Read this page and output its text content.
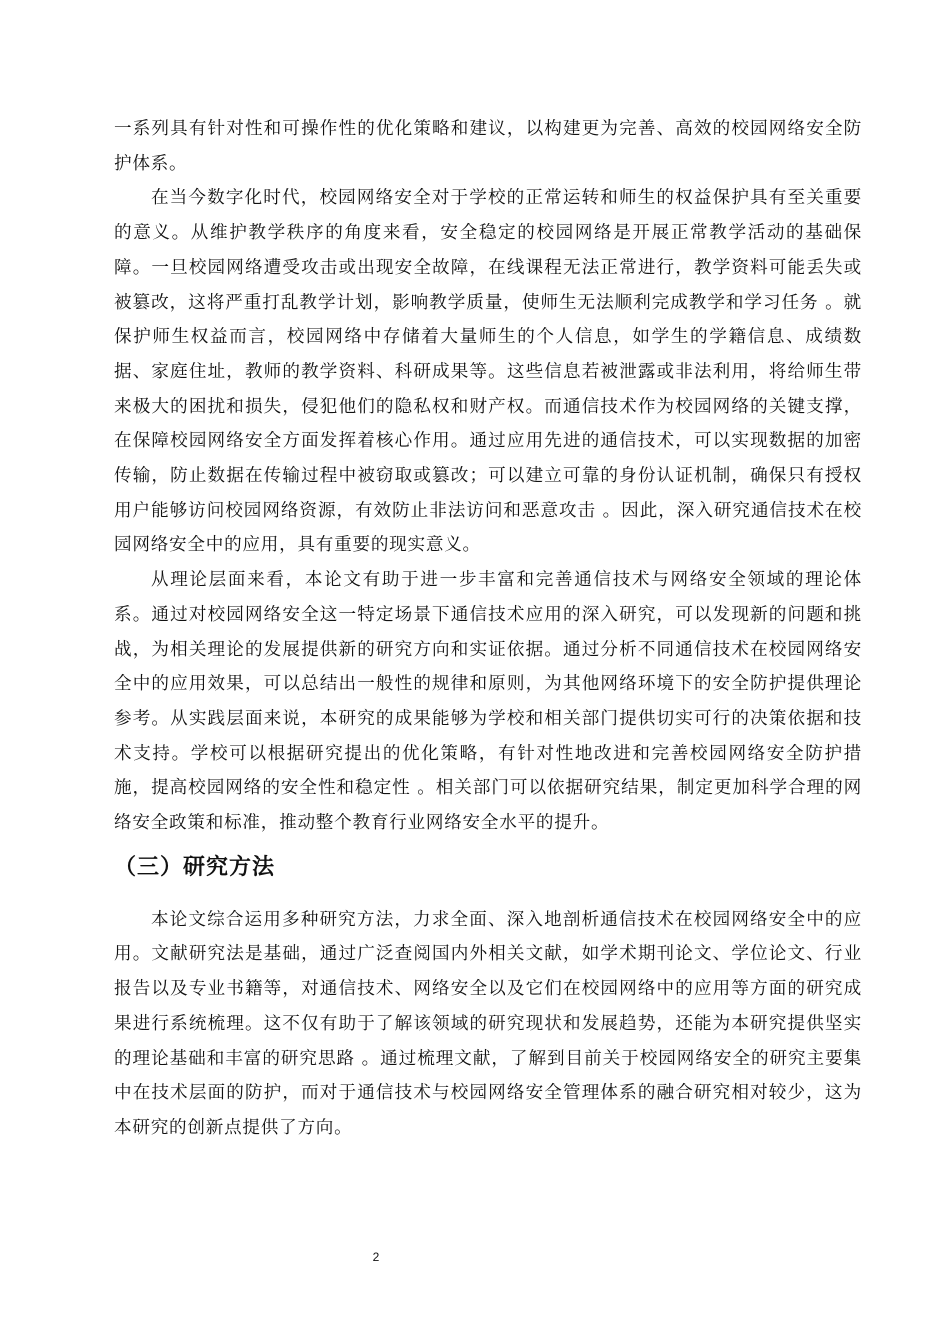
一系列具有针对性和可操作性的优化策略和建议，以构建更为完善、高效的校园网络安全防护体系。

在当今数字化时代，校园网络安全对于学校的正常运转和师生的权益保护具有至关重要的意义。从维护教学秩序的角度来看，安全稳定的校园网络是开展正常教学活动的基础保障。一旦校园网络遭受攻击或出现安全故障，在线课程无法正常进行，教学资料可能丢失或被篡改，这将严重打乱教学计划，影响教学质量，使师生无法顺利完成教学和学习任务 。就保护师生权益而言，校园网络中存储着大量师生的个人信息，如学生的学籍信息、成绩数据、家庭住址，教师的教学资料、科研成果等。这些信息若被泄露或非法利用，将给师生带来极大的困扰和损失，侵犯他们的隐私权和财产权。而通信技术作为校园网络的关键支撑，在保障校园网络安全方面发挥着核心作用。通过应用先进的通信技术，可以实现数据的加密传输，防止数据在传输过程中被窃取或篡改；可以建立可靠的身份认证机制，确保只有授权用户能够访问校园网络资源，有效防止非法访问和恶意攻击 。因此，深入研究通信技术在校园网络安全中的应用，具有重要的现实意义。

从理论层面来看，本论文有助于进一步丰富和完善通信技术与网络安全领域的理论体系。通过对校园网络安全这一特定场景下通信技术应用的深入研究，可以发现新的问题和挑战，为相关理论的发展提供新的研究方向和实证依据。通过分析不同通信技术在校园网络安全中的应用效果，可以总结出一般性的规律和原则，为其他网络环境下的安全防护提供理论参考。从实践层面来说，本研究的成果能够为学校和相关部门提供切实可行的决策依据和技术支持。学校可以根据研究提出的优化策略，有针对性地改进和完善校园网络安全防护措施，提高校园网络的安全性和稳定性 。相关部门可以依据研究结果，制定更加科学合理的网络安全政策和标准，推动整个教育行业网络安全水平的提升。

（三）研究方法

本论文综合运用多种研究方法，力求全面、深入地剖析通信技术在校园网络安全中的应用。文献研究法是基础，通过广泛查阅国内外相关文献，如学术期刊论文、学位论文、行业报告以及专业书籍等，对通信技术、网络安全以及它们在校园网络中的应用等方面的研究成果进行系统梳理。这不仅有助于了解该领域的研究现状和发展趋势，还能为本研究提供坚实的理论基础和丰富的研究思路 。通过梳理文献，了解到目前关于校园网络安全的研究主要集中在技术层面的防护，而对于通信技术与校园网络安全管理体系的融合研究相对较少，这为本研究的创新点提供了方向。

2
